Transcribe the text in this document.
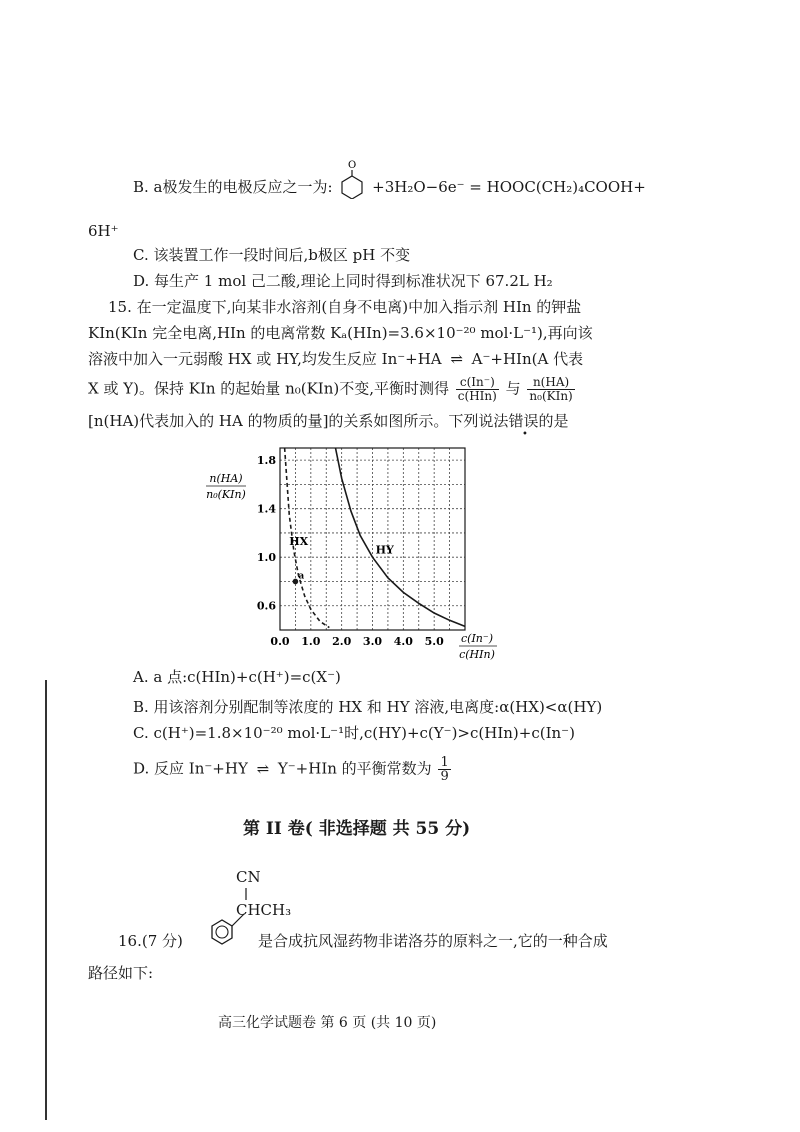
B. a极发生的电极反应之一为:
O
+3H₂O−6e⁻ = HOOC(CH₂)₄COOH+
6H⁺
C. 该装置工作一段时间后,b极区 pH 不变
D. 每生产 1 mol 己二酸,理论上同时得到标准状况下 67.2L H₂
15. 在一定温度下,向某非水溶剂(自身不电离)中加入指示剂 HIn 的钾盐
KIn(KIn 完全电离,HIn 的电离常数 Kₐ(HIn)=3.6×10⁻²⁰ mol·L⁻¹),再向该
溶液中加入一元弱酸 HX 或 HY,均发生反应 In⁻+HA ⇌ A⁻+HIn(A 代表
X 或 Y)。保持 KIn 的起始量 n₀(KIn)不变,平衡时测得 $\frac{c(In^-)}{\text{c(HIn)}}$ 与 $\frac{n(HA)}{\text{n₀(KIn)}}$
[n(HA)代表加入的 HA 的物质的量]的关系如图所示。下列说法错误的是
0.0 1.0 2.0 3.0 4.0 5.0
0.6
1.0
1.4
1.8
n(HA)
n₀(KIn)
c(In⁻)
c(HIn)
HX
HY
a
A. a 点:c(HIn)+c(H⁺)=c(X⁻)
B. 用该溶剂分别配制等浓度的 HX 和 HY 溶液,电离度:α(HX)<α(HY)
C. c(H⁺)=1.8×10⁻²⁰ mol·L⁻¹时,c(HY)+c(Y⁻)>c(HIn)+c(In⁻)
D. 反应 In⁻+HY ⇌ Y⁻+HIn 的平衡常数为 $\frac{1}{9}$
第 II 卷( 非选择题 共 55 分)
CN
CHCH₃
16.(7 分)	是合成抗风湿药物非诺洛芬的原料之一,它的一种合成
路径如下:
高三化学试题卷 第 6 页 (共 10 页)
